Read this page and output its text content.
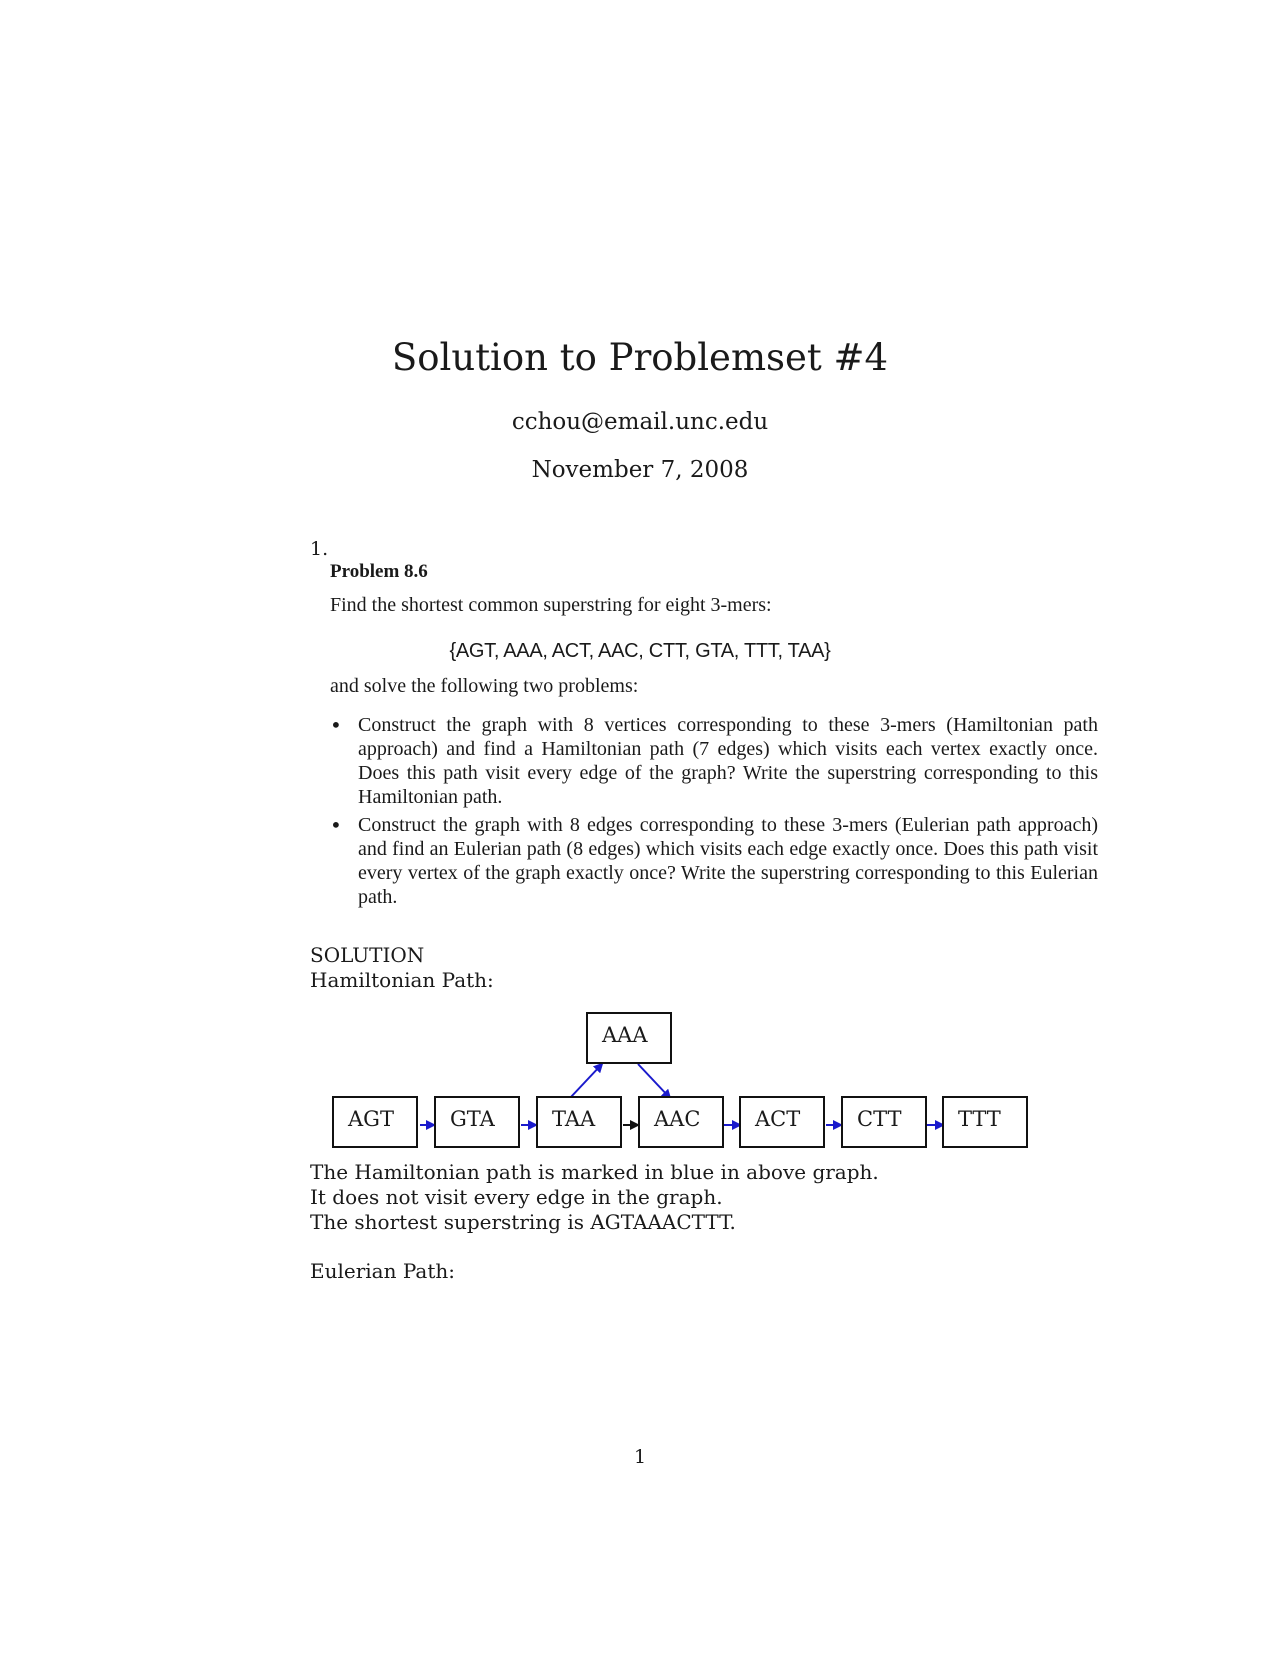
Solution to Problemset #4
cchou@email.unc.edu
November 7, 2008
1.
Problem 8.6
Find the shortest common superstring for eight 3-mers:
{AGT, AAA, ACT, AAC, CTT, GTA, TTT, TAA}
and solve the following two problems:
• Construct the graph with 8 vertices corresponding to these 3-mers (Hamiltonian path approach) and find a Hamiltonian path (7 edges) which visits each vertex exactly once. Does this path visit every edge of the graph? Write the superstring corresponding to this Hamiltonian path.
• Construct the graph with 8 edges corresponding to these 3-mers (Eulerian path approach) and find an Eulerian path (8 edges) which visits each edge exactly once. Does this path visit every vertex of the graph exactly once? Write the superstring corresponding to this Eulerian path.
SOLUTION
Hamiltonian Path:
AAA
AGT	GTA	TAA	AAC	ACT	CTT	TTT
The Hamiltonian path is marked in blue in above graph.
It does not visit every edge in the graph.
The shortest superstring is AGTAAACTTT.
Eulerian Path:
1
